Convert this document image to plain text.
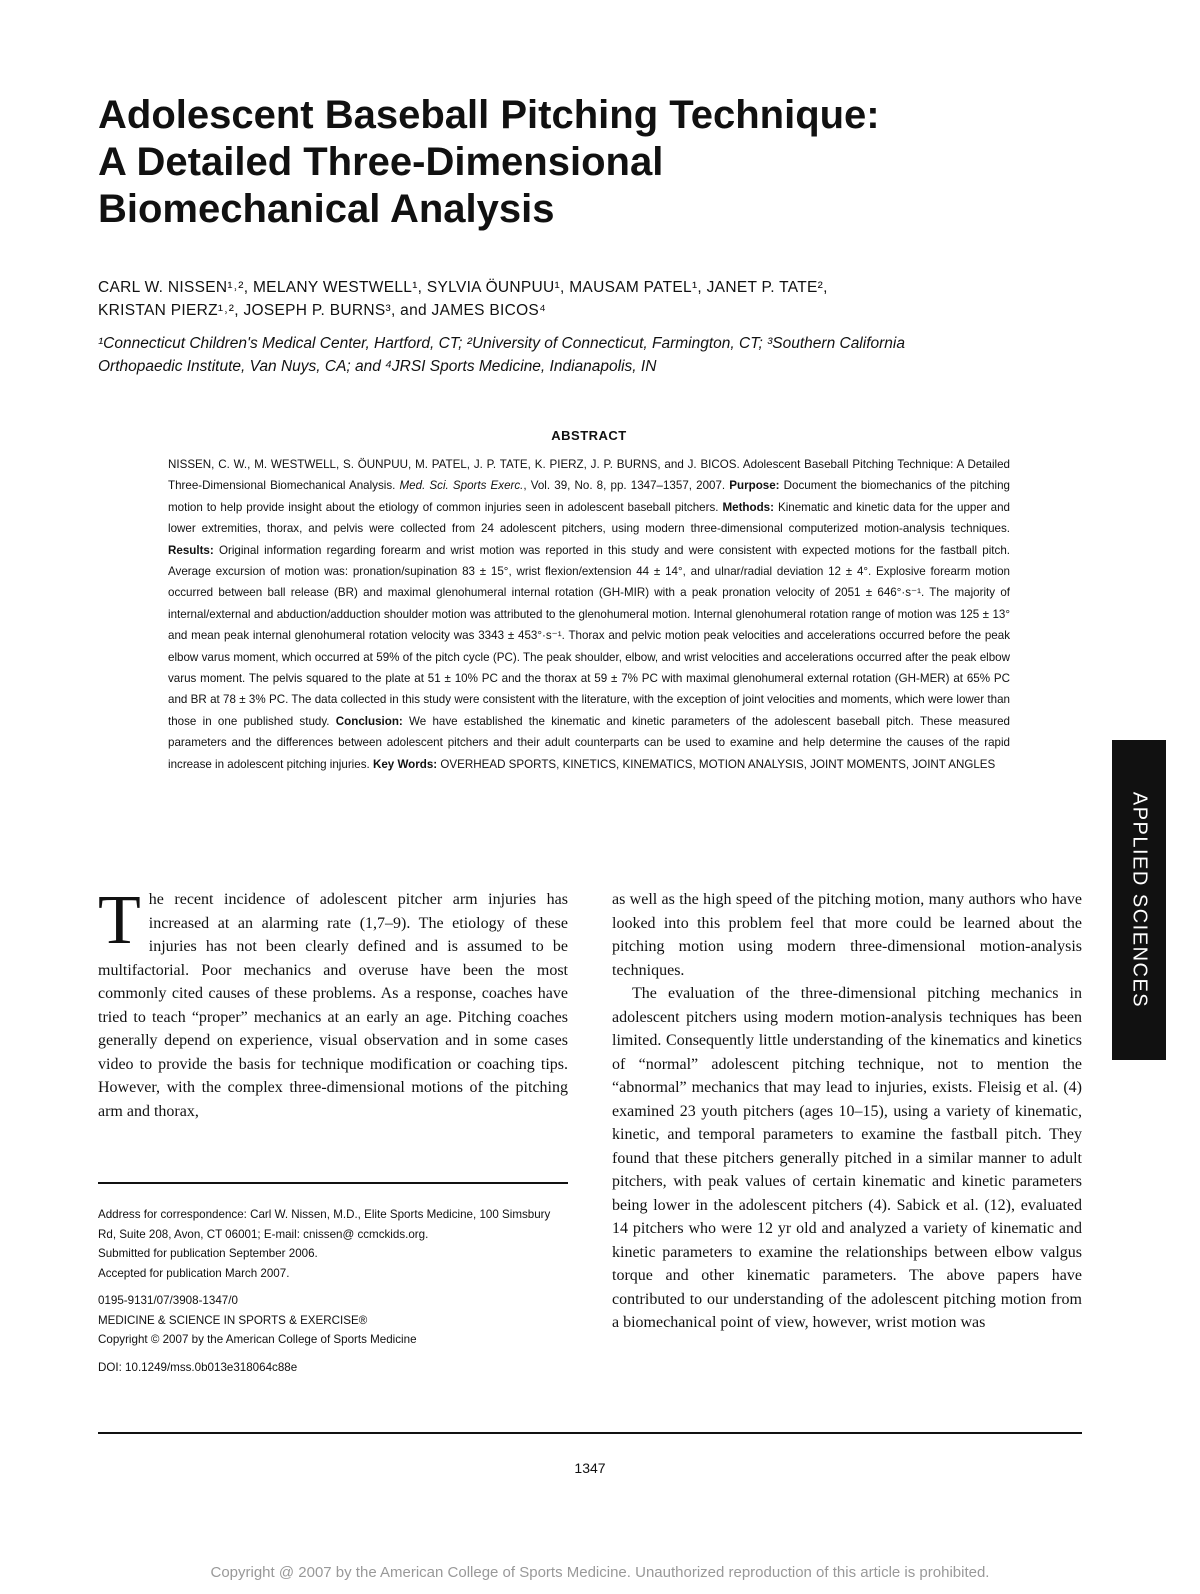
Adolescent Baseball Pitching Technique:
A Detailed Three-Dimensional
Biomechanical Analysis
CARL W. NISSEN¹˒², MELANY WESTWELL¹, SYLVIA ÖUNPUU¹, MAUSAM PATEL¹, JANET P. TATE²,
KRISTAN PIERZ¹˒², JOSEPH P. BURNS³, and JAMES BICOS⁴
¹Connecticut Children's Medical Center, Hartford, CT; ²University of Connecticut, Farmington, CT; ³Southern California
Orthopaedic Institute, Van Nuys, CA; and ⁴JRSI Sports Medicine, Indianapolis, IN
ABSTRACT

NISSEN, C. W., M. WESTWELL, S. ÖUNPUU, M. PATEL, J. P. TATE, K. PIERZ, J. P. BURNS, and J. BICOS. Adolescent Baseball Pitching Technique: A Detailed Three-Dimensional Biomechanical Analysis. Med. Sci. Sports Exerc., Vol. 39, No. 8, pp. 1347–1357, 2007. Purpose: Document the biomechanics of the pitching motion to help provide insight about the etiology of common injuries seen in adolescent baseball pitchers. Methods: Kinematic and kinetic data for the upper and lower extremities, thorax, and pelvis were collected from 24 adolescent pitchers, using modern three-dimensional computerized motion-analysis techniques. Results: Original information regarding forearm and wrist motion was reported in this study and were consistent with expected motions for the fastball pitch. Average excursion of motion was: pronation/supination 83 ± 15°, wrist flexion/extension 44 ± 14°, and ulnar/radial deviation 12 ± 4°. Explosive forearm motion occurred between ball release (BR) and maximal glenohumeral internal rotation (GH-MIR) with a peak pronation velocity of 2051 ± 646°·s⁻¹. The majority of internal/external and abduction/adduction shoulder motion was attributed to the glenohumeral motion. Internal glenohumeral rotation range of motion was 125 ± 13° and mean peak internal glenohumeral rotation velocity was 3343 ± 453°·s⁻¹. Thorax and pelvic motion peak velocities and accelerations occurred before the peak elbow varus moment, which occurred at 59% of the pitch cycle (PC). The peak shoulder, elbow, and wrist velocities and accelerations occurred after the peak elbow varus moment. The pelvis squared to the plate at 51 ± 10% PC and the thorax at 59 ± 7% PC with maximal glenohumeral external rotation (GH-MER) at 65% PC and BR at 78 ± 3% PC. The data collected in this study were consistent with the literature, with the exception of joint velocities and moments, which were lower than those in one published study. Conclusion: We have established the kinematic and kinetic parameters of the adolescent baseball pitch. These measured parameters and the differences between adolescent pitchers and their adult counterparts can be used to examine and help determine the causes of the rapid increase in adolescent pitching injuries. Key Words: OVERHEAD SPORTS, KINETICS, KINEMATICS, MOTION ANALYSIS, JOINT MOMENTS, JOINT ANGLES

The recent incidence of adolescent pitcher arm injuries has increased at an alarming rate (1,7–9). The etiology of these injuries has not been clearly defined and is assumed to be multifactorial. Poor mechanics and overuse have been the most commonly cited causes of these problems. As a response, coaches have tried to teach “proper” mechanics at an early an age. Pitching coaches generally depend on experience, visual observation and in some cases video to provide the basis for technique modification or coaching tips. However, with the complex three-dimensional motions of the pitching arm and thorax,

as well as the high speed of the pitching motion, many authors who have looked into this problem feel that more could be learned about the pitching motion using modern three-dimensional motion-analysis techniques.

The evaluation of the three-dimensional pitching mechanics in adolescent pitchers using modern motion-analysis techniques has been limited. Consequently little understanding of the kinematics and kinetics of “normal” adolescent pitching technique, not to mention the “abnormal” mechanics that may lead to injuries, exists. Fleisig et al. (4) examined 23 youth pitchers (ages 10–15), using a variety of kinematic, kinetic, and temporal parameters to examine the fastball pitch. They found that these pitchers generally pitched in a similar manner to adult pitchers, with peak values of certain kinematic and kinetic parameters being lower in the adolescent pitchers (4). Sabick et al. (12), evaluated 14 pitchers who were 12 yr old and analyzed a variety of kinematic and kinetic parameters to examine the relationships between elbow valgus torque and other kinematic parameters. The above papers have contributed to our understanding of the adolescent pitching motion from a biomechanical point of view, however, wrist motion was

Address for correspondence: Carl W. Nissen, M.D., Elite Sports Medicine, 100 Simsbury Rd, Suite 208, Avon, CT 06001; E-mail: cnissen@ ccmckids.org.

Submitted for publication September 2006.

Accepted for publication March 2007.

0195-9131/07/3908-1347/0

MEDICINE & SCIENCE IN SPORTS & EXERCISE®

Copyright © 2007 by the American College of Sports Medicine

DOI: 10.1249/mss.0b013e318064c88e

1347
APPLIED SCIENCES
Copyright @ 2007 by the American College of Sports Medicine. Unauthorized reproduction of this article is prohibited.
